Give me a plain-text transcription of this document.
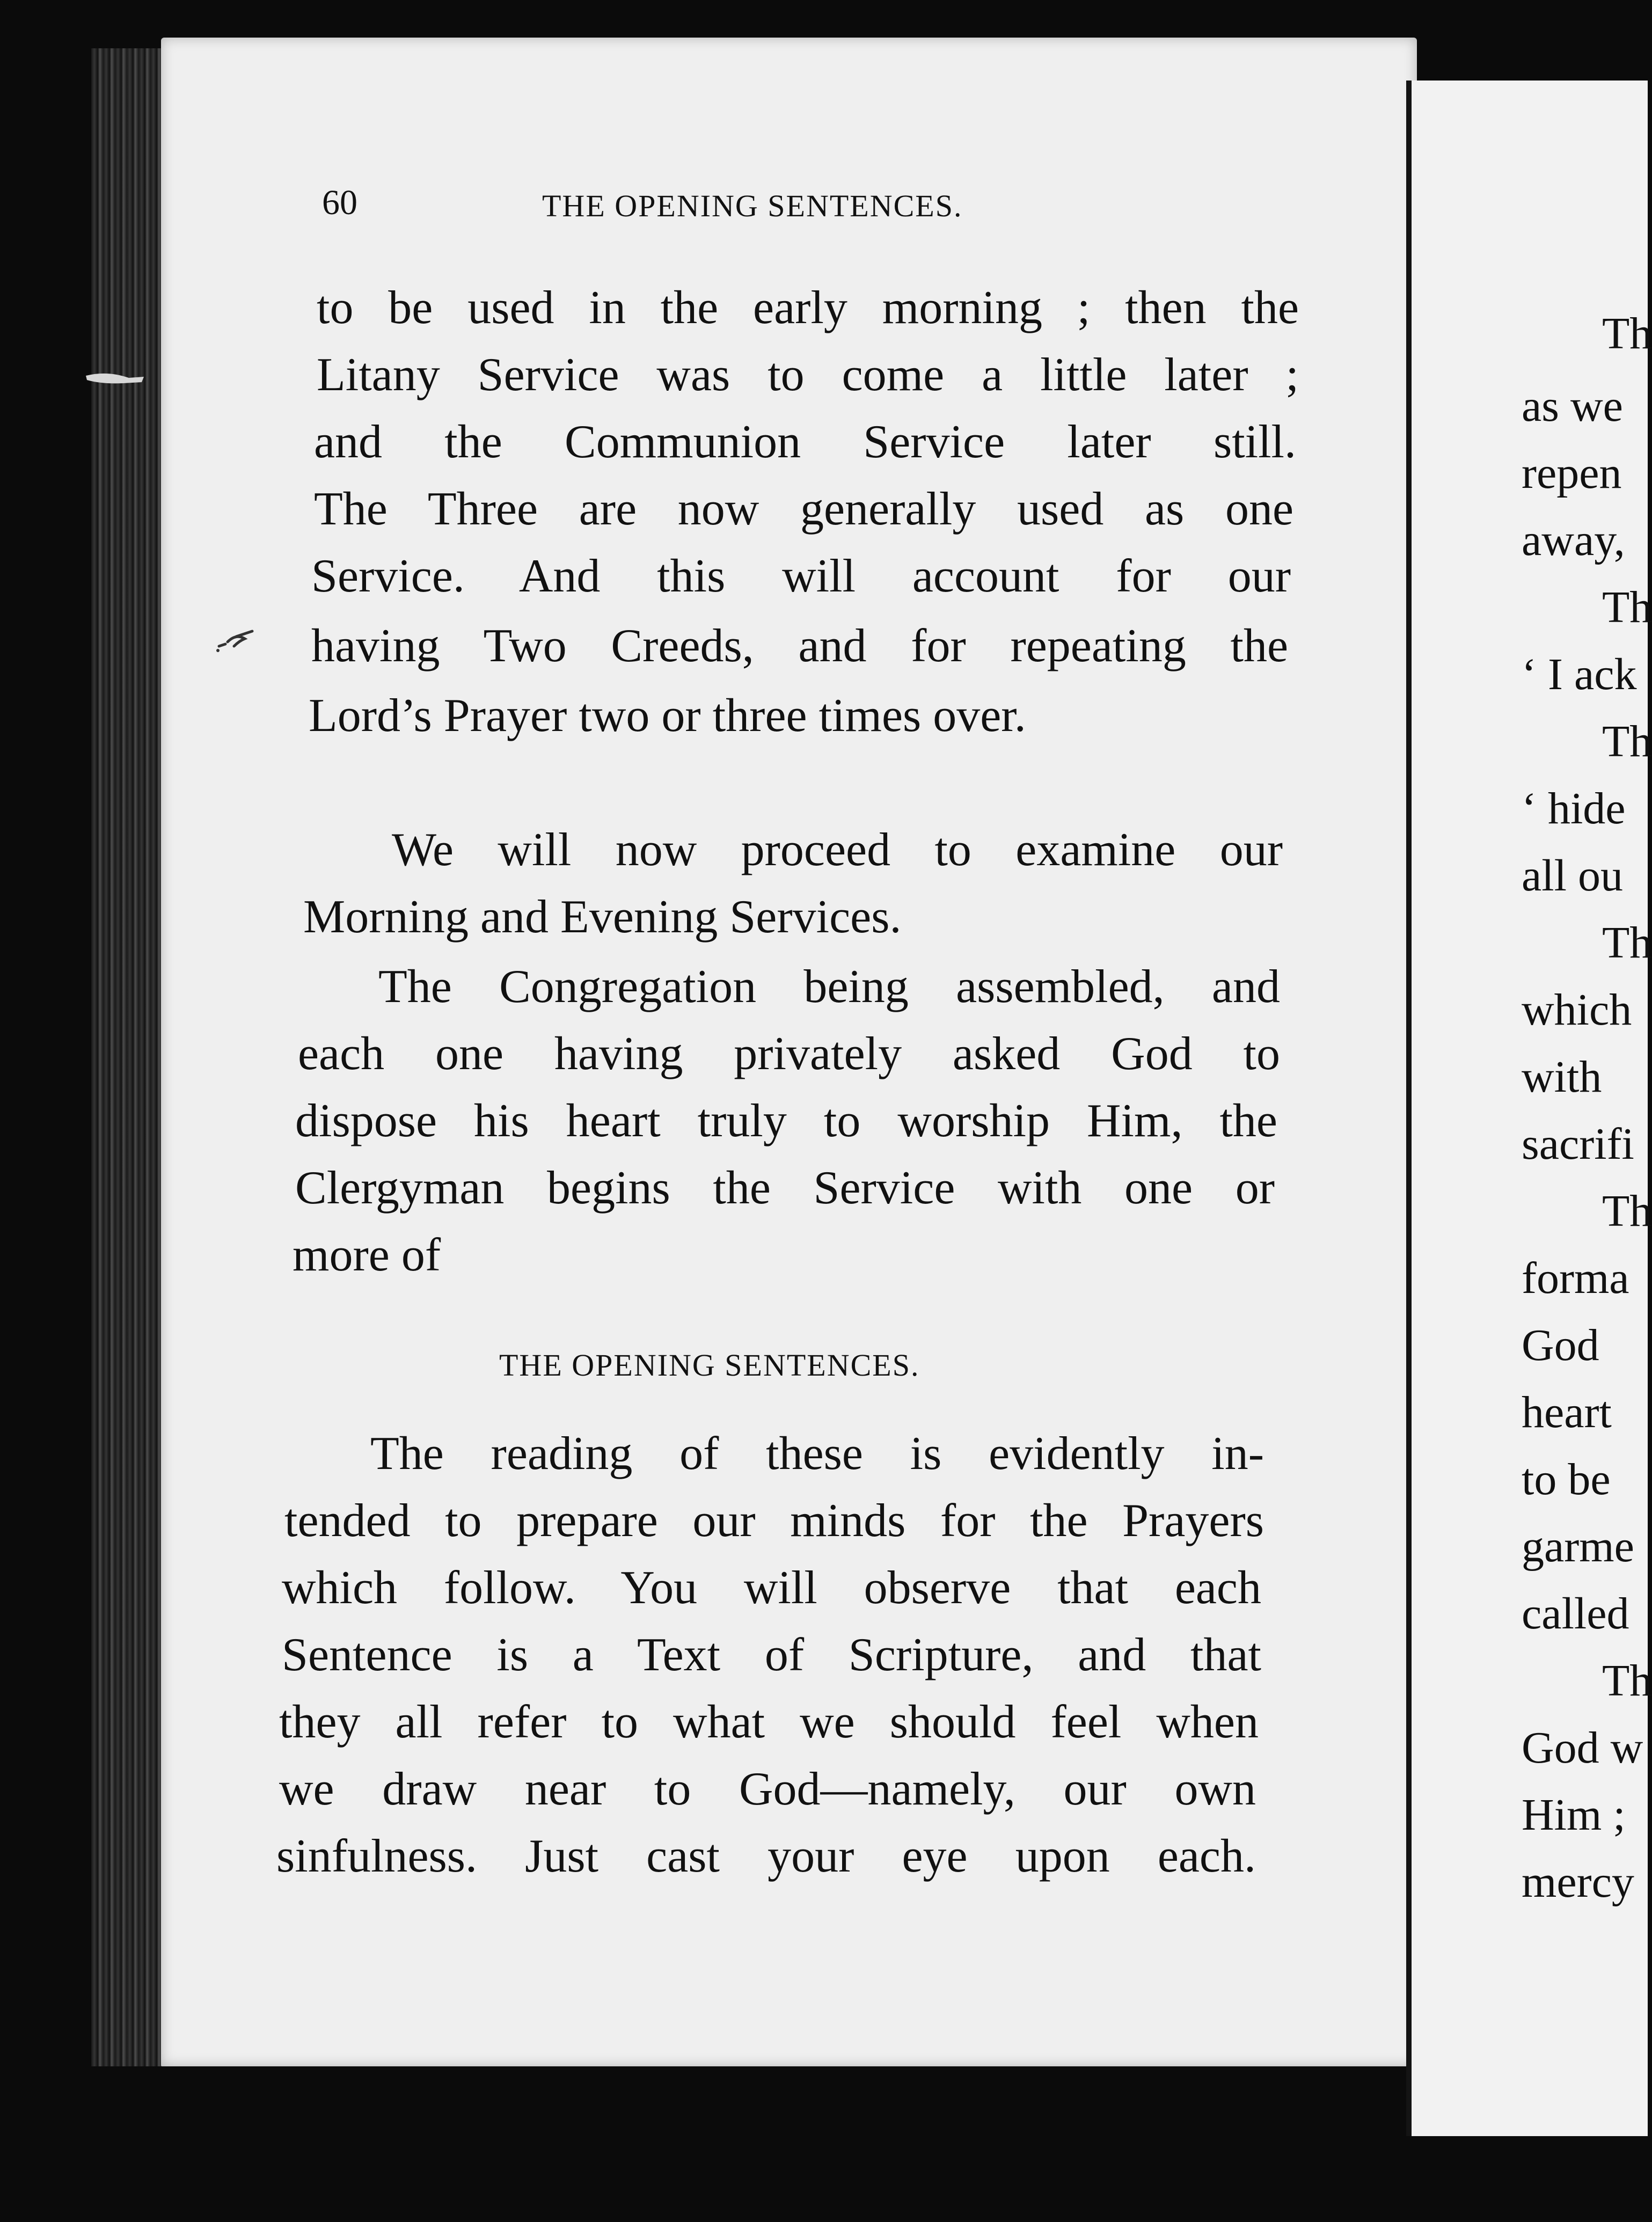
60	THE OPENING SENTENCES.
to be used in the early morning ; then the
Litany Service was to come a little later ;
and the Communion Service later still.
The Three are now generally used as one
Service. And this will account for our
having Two Creeds, and for repeating the
Lord’s Prayer two or three times over.
We will now proceed to examine our
Morning and Evening Services.
The Congregation being assembled, and
each one having privately asked God to
dispose his heart truly to worship Him, the
Clergyman begins the Service with one or
more of
THE OPENING SENTENCES.
The reading of these is evidently in-
tended to prepare our minds for the Prayers
which follow. You will observe that each
Sentence is a Text of Scripture, and that
they all refer to what we should feel when
we draw near to God—namely, our own
sinfulness. Just cast your eye upon each.
Th
as we
repen
away,
Th
‘ I ack
Th
‘ hide
all ou
Th
which
with
sacrifi
Th
forma
God
heart
to be
garme
called
Th
God w
Him ;
mercy
